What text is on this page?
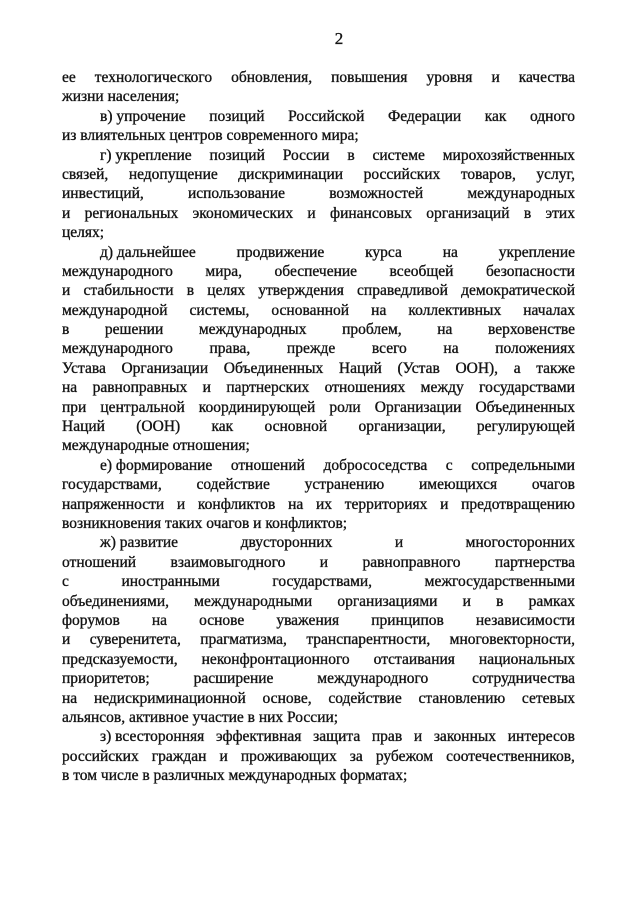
2
ее технологического обновления, повышения уровня и качества
жизни населения;
в) упрочение позиций Российской Федерации как одного
из влиятельных центров современного мира;
г) укрепление позиций России в системе мирохозяйственных
связей, недопущение дискриминации российских товаров, услуг,
инвестиций,	использование	возможностей	международных
и региональных экономических и финансовых организаций в этих
целях;
д) дальнейшее	продвижение	курса	на	укрепление
международного мира, обеспечение всеобщей безопасности
и стабильности в целях утверждения справедливой демократической
международной системы, основанной на коллективных началах
в решении международных проблем, на верховенстве
международного права, прежде всего на положениях
Устава Организации Объединенных Наций (Устав ООН), а также
на равноправных и партнерских отношениях между государствами
при центральной координирующей роли Организации Объединенных
Наций (ООН) как основной организации, регулирующей
международные отношения;
е) формирование отношений добрососедства с сопредельными
государствами, содействие устранению имеющихся очагов
напряженности и конфликтов на их территориях и предотвращению
возникновения таких очагов и конфликтов;
ж) развитие	двусторонних	и	многосторонних
отношений взаимовыгодного и равноправного партнерства
с	иностранными	государствами,	межгосударственными
объединениями, международными организациями и в рамках
форумов на основе уважения принципов независимости
и суверенитета, прагматизма, транспарентности, многовекторности,
предсказуемости, неконфронтационного отстаивания национальных
приоритетов;	расширение	международного	сотрудничества
на недискриминационной основе, содействие становлению сетевых
альянсов, активное участие в них России;
з) всесторонняя эффективная защита прав и законных интересов
российских граждан и проживающих за рубежом соотечественников,
в том числе в различных международных форматах;
